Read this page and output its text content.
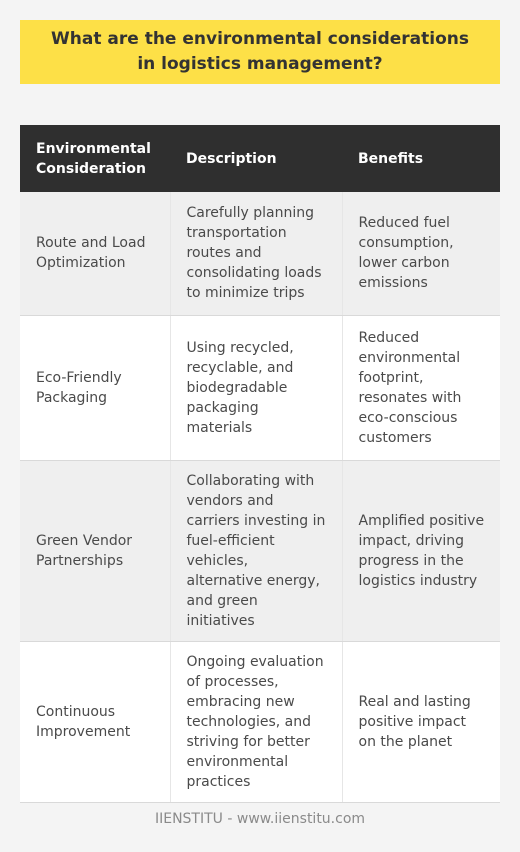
What are the environmental considerations in logistics management?
Environmental Consideration	Description	Benefits
Route and Load Optimization	Carefully planning transportation routes and consolidating loads to minimize trips	Reduced fuel consumption, lower carbon emissions
Eco-Friendly Packaging	Using recycled, recyclable, and biodegradable packaging materials	Reduced environmental footprint, resonates with eco-conscious customers
Green Vendor Partnerships	Collaborating with vendors and carriers investing in fuel-efficient vehicles, alternative energy, and green initiatives	Amplified positive impact, driving progress in the logistics industry
Continuous Improvement	Ongoing evaluation of processes, embracing new technologies, and striving for better environmental practices	Real and lasting positive impact on the planet
IIENSTITU - www.iienstitu.com
